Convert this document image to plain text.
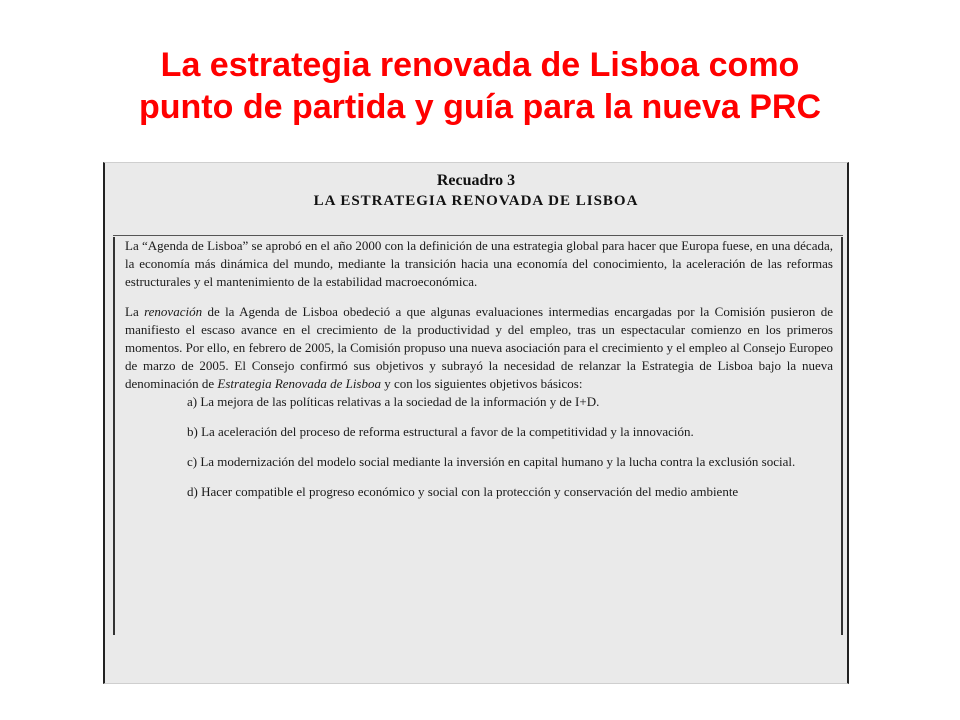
La estrategia renovada de Lisboa como
punto de partida y guía para la nueva PRC
Recuadro 3
LA ESTRATEGIA RENOVADA DE LISBOA

La “Agenda de Lisboa” se aprobó en el año 2000 con la definición de una estrategia global para hacer que Europa fuese, en una década, la economía más dinámica del mundo, mediante la transición hacia una economía del conocimiento, la aceleración de las reformas estructurales y el mantenimiento de la estabilidad macroeconómica.

La renovación de la Agenda de Lisboa obedeció a que algunas evaluaciones intermedias encargadas por la Comisión pusieron de manifiesto el escaso avance en el crecimiento de la productividad y del empleo, tras un espectacular comienzo en los primeros momentos. Por ello, en febrero de 2005, la Comisión propuso una nueva asociación para el crecimiento y el empleo al Consejo Europeo de marzo de 2005. El Consejo confirmó sus objetivos y subrayó la necesidad de relanzar la Estrategia de Lisboa bajo la nueva denominación de Estrategia Renovada de Lisboa y con los siguientes objetivos básicos:

a) La mejora de las políticas relativas a la sociedad de la información y de I+D.

b) La aceleración del proceso de reforma estructural a favor de la competitividad y la innovación.

c) La modernización del modelo social mediante la inversión en capital humano y la lucha contra la exclusión social.

d) Hacer compatible el progreso económico y social con la protección y conservación del medio ambiente
